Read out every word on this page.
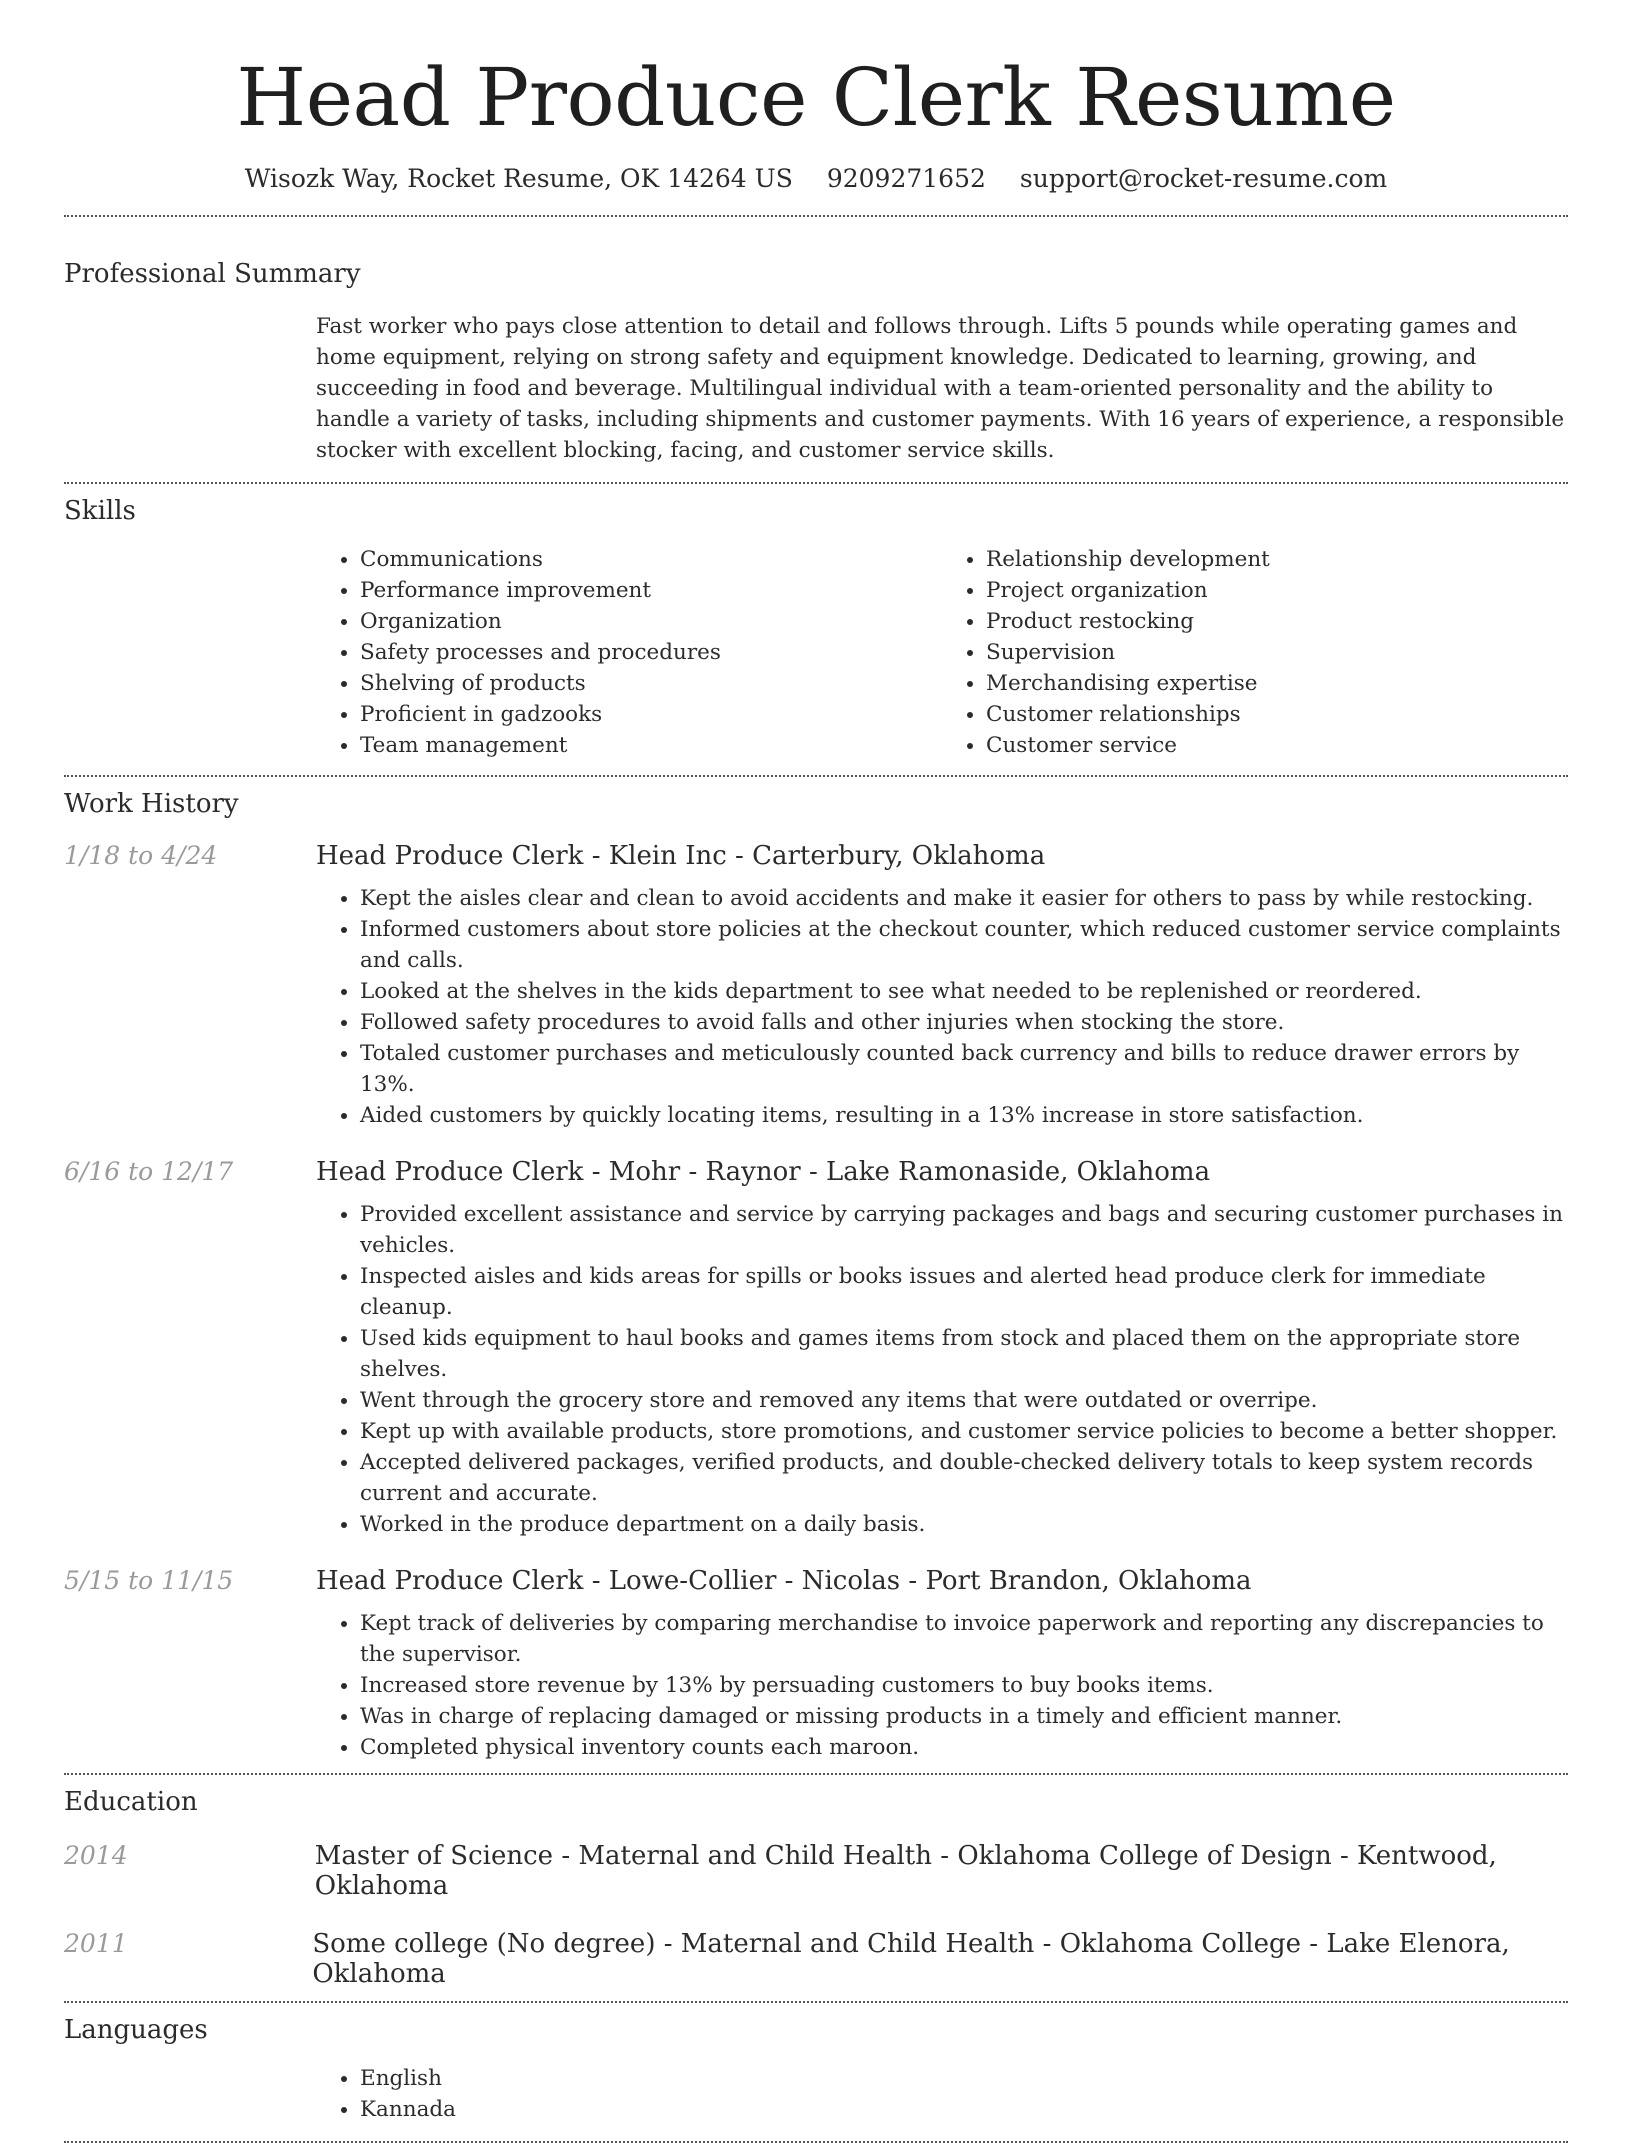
Head Produce Clerk Resume
Wisozk Way, Rocket Resume, OK 14264 US 9209271652 support@rocket-resume.com
Professional Summary

Fast worker who pays close attention to detail and follows through. Lifts 5 pounds while operating games and home equipment, relying on strong safety and equipment knowledge. Dedicated to learning, growing, and succeeding in food and beverage. Multilingual individual with a team-oriented personality and the ability to handle a variety of tasks, including shipments and customer payments. With 16 years of experience, a responsible stocker with excellent blocking, facing, and customer service skills.

Skills
• Communications
• Performance improvement
• Organization
• Safety processes and procedures
• Shelving of products
• Proficient in gadzooks
• Team management
• Relationship development
• Project organization
• Product restocking
• Supervision
• Merchandising expertise
• Customer relationships
• Customer service
Work History
1/18 to 4/24	Head Produce Clerk - Klein Inc - Carterbury, Oklahoma
• Kept the aisles clear and clean to avoid accidents and make it easier for others to pass by while restocking.
• Informed customers about store policies at the checkout counter, which reduced customer service complaints and calls.
• Looked at the shelves in the kids department to see what needed to be replenished or reordered.
• Followed safety procedures to avoid falls and other injuries when stocking the store.
• Totaled customer purchases and meticulously counted back currency and bills to reduce drawer errors by 13%.
• Aided customers by quickly locating items, resulting in a 13% increase in store satisfaction.
6/16 to 12/17	Head Produce Clerk - Mohr - Raynor - Lake Ramonaside, Oklahoma
• Provided excellent assistance and service by carrying packages and bags and securing customer purchases in vehicles.
• Inspected aisles and kids areas for spills or books issues and alerted head produce clerk for immediate cleanup.
• Used kids equipment to haul books and games items from stock and placed them on the appropriate store shelves.
• Went through the grocery store and removed any items that were outdated or overripe.
• Kept up with available products, store promotions, and customer service policies to become a better shopper.
• Accepted delivered packages, verified products, and double-checked delivery totals to keep system records current and accurate.
• Worked in the produce department on a daily basis.
5/15 to 11/15	Head Produce Clerk - Lowe-Collier - Nicolas - Port Brandon, Oklahoma
• Kept track of deliveries by comparing merchandise to invoice paperwork and reporting any discrepancies to the supervisor.
• Increased store revenue by 13% by persuading customers to buy books items.
• Was in charge of replacing damaged or missing products in a timely and efficient manner.
• Completed physical inventory counts each maroon.
Education
2014	Master of Science - Maternal and Child Health - Oklahoma College of Design - Kentwood, Oklahoma
2011	Some college (No degree) - Maternal and Child Health - Oklahoma College - Lake Elenora, Oklahoma
Languages
• English
• Kannada
